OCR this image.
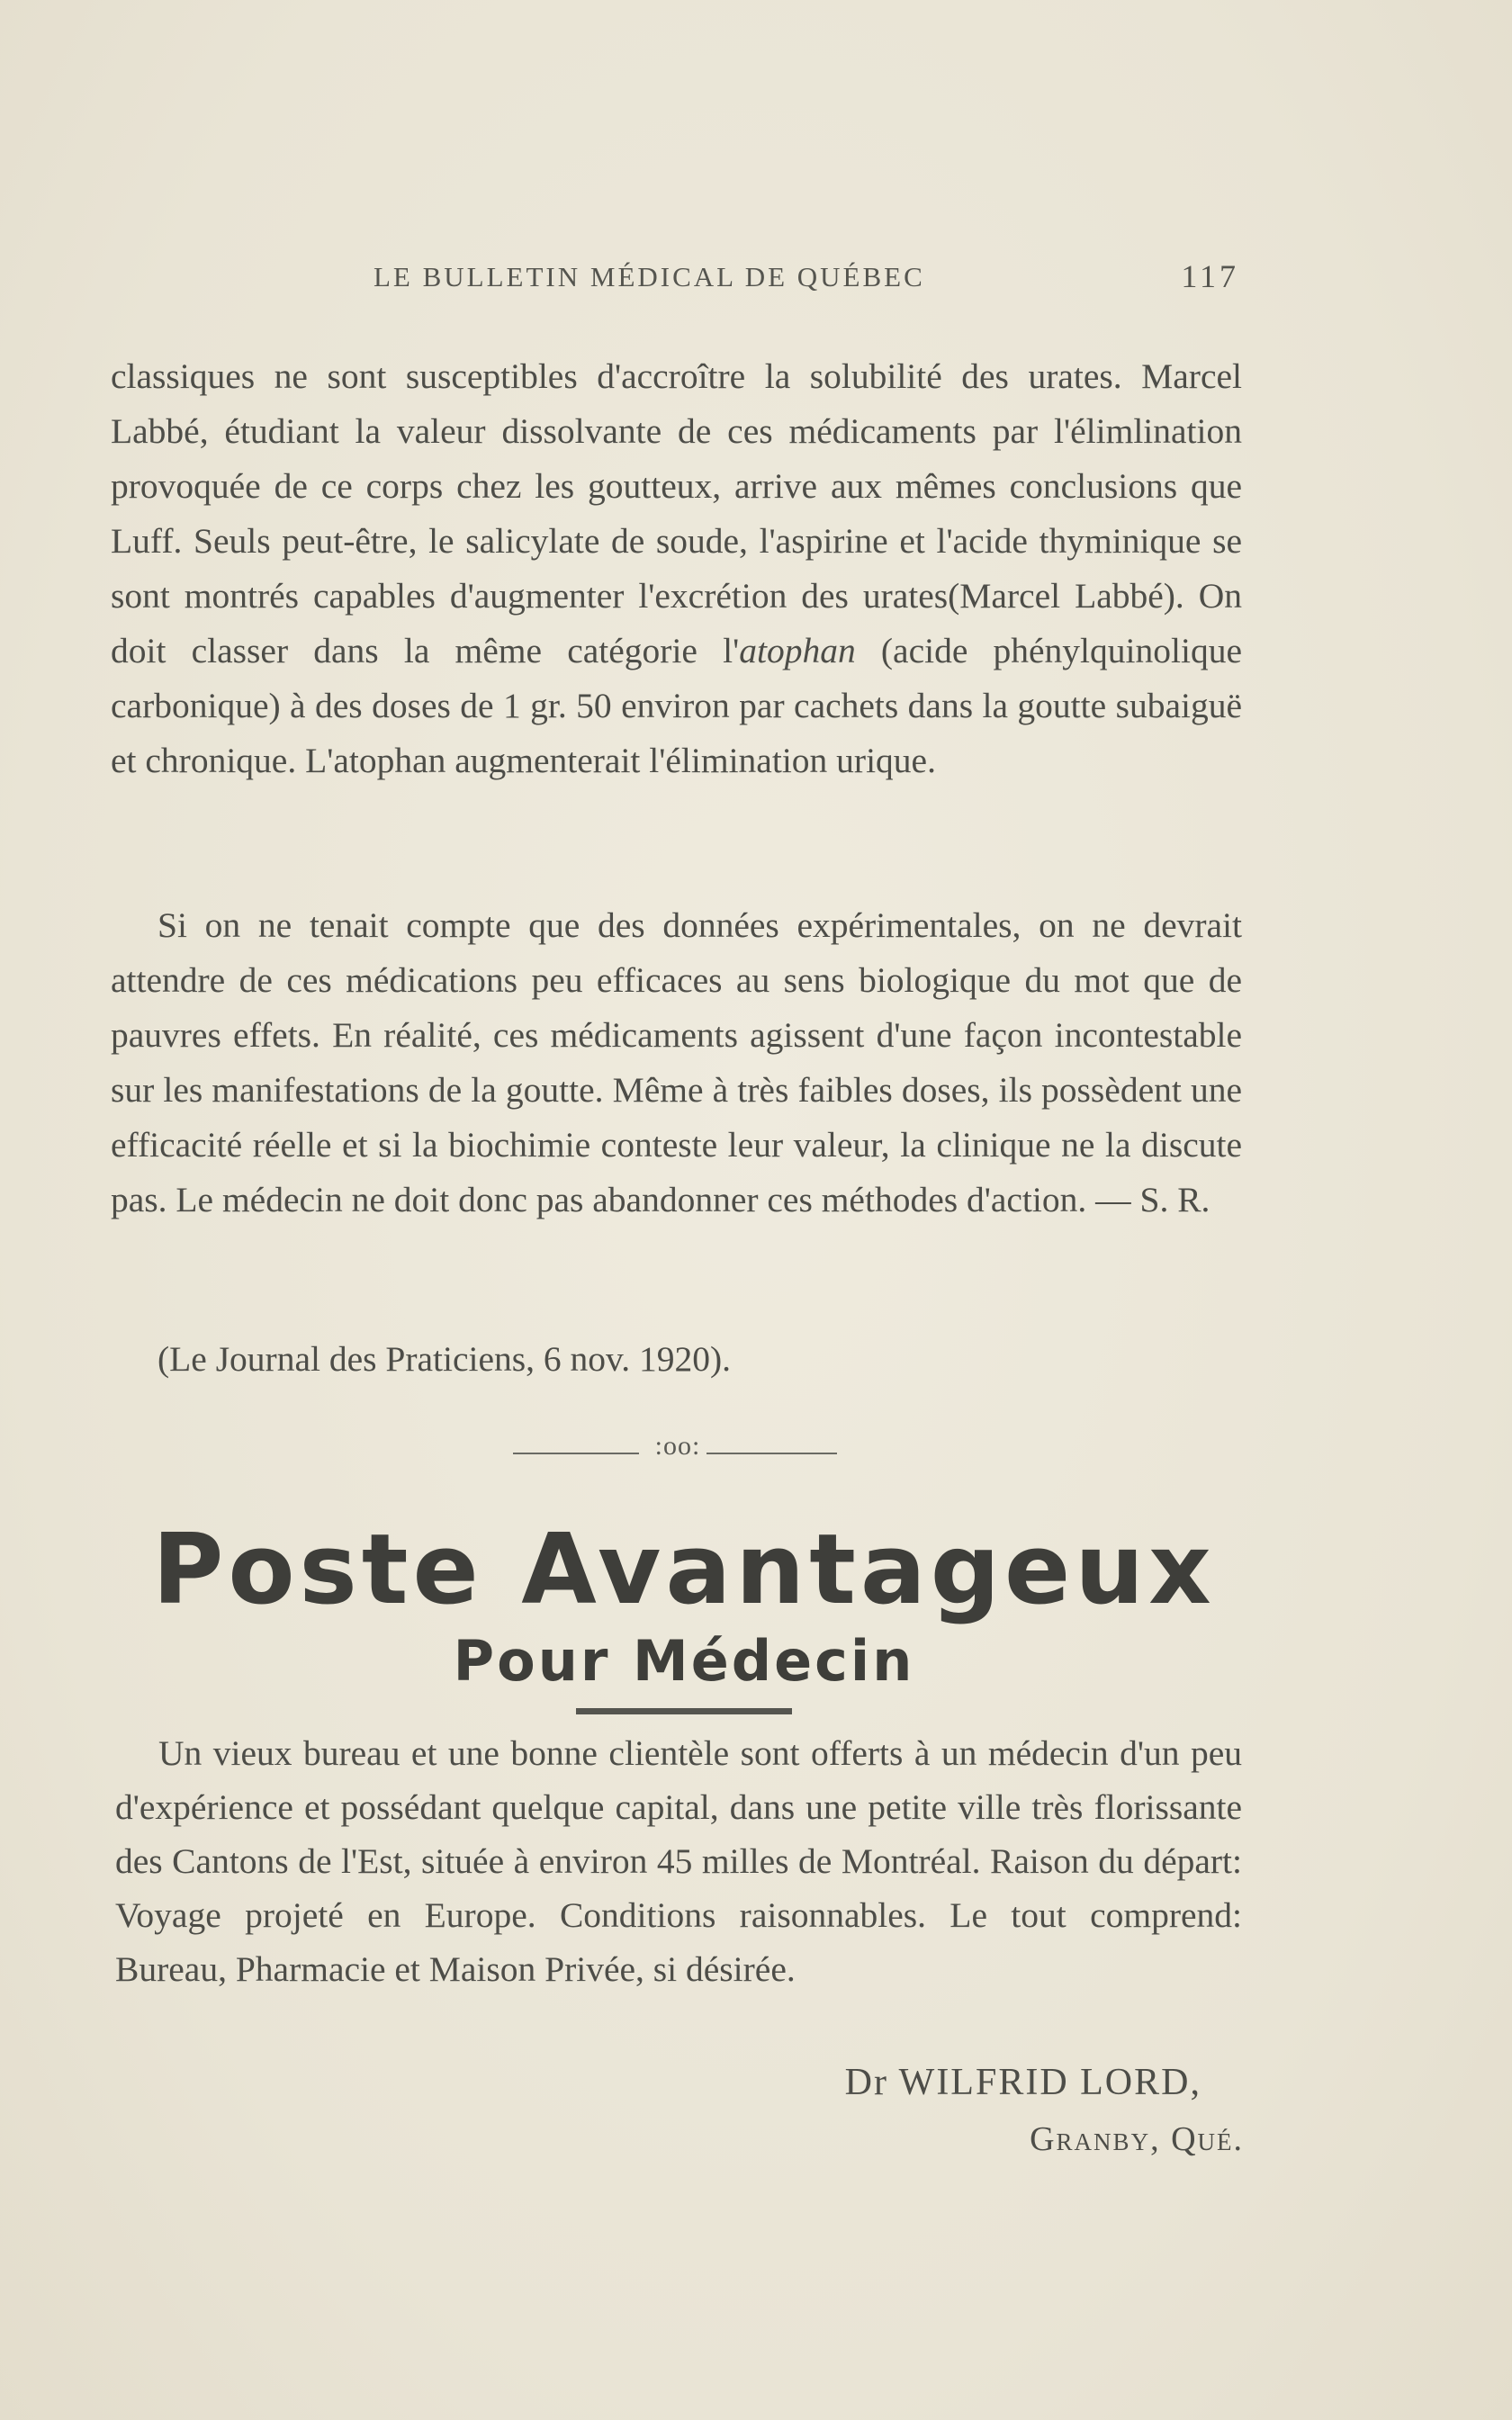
LE BULLETIN MÉDICAL DE QUÉBEC	117
classiques ne sont susceptibles d'accroître la solubilité des urates. Marcel Labbé, étudiant la valeur dissolvante de ces médicaments par l'élimlination provoquée de ce corps chez les goutteux, arrive aux mêmes conclusions que Luff. Seuls peut-être, le salicylate de soude, l'aspirine et l'acide thyminique se sont montrés capables d'augmenter l'excrétion des urates(Marcel Labbé). On doit classer dans la même catégorie l'atophan (acide phénylquinolique carbonique) à des doses de 1 gr. 50 environ par cachets dans la goutte subaiguë et chronique. L'atophan augmenterait l'élimination urique.
Si on ne tenait compte que des données expérimentales, on ne devrait attendre de ces médications peu efficaces au sens biologique du mot que de pauvres effets. En réalité, ces médicaments agissent d'une façon incontestable sur les manifestations de la goutte. Même à très faibles doses, ils possèdent une efficacité réelle et si la biochimie conteste leur valeur, la clinique ne la discute pas. Le médecin ne doit donc pas abandonner ces méthodes d'action. — S. R.
(Le Journal des Praticiens, 6 nov. 1920).
:oo:
Poste Avantageux
Pour Médecin
Un vieux bureau et une bonne clientèle sont offerts à un médecin d'un peu d'expérience et possédant quelque capital, dans une petite ville très florissante des Cantons de l'Est, située à environ 45 milles de Montréal. Raison du départ: Voyage projeté en Europe. Conditions raisonnables. Le tout comprend: Bureau, Pharmacie et Maison Privée, si désirée.
Dr WILFRID LORD,
Granby, Qué.
